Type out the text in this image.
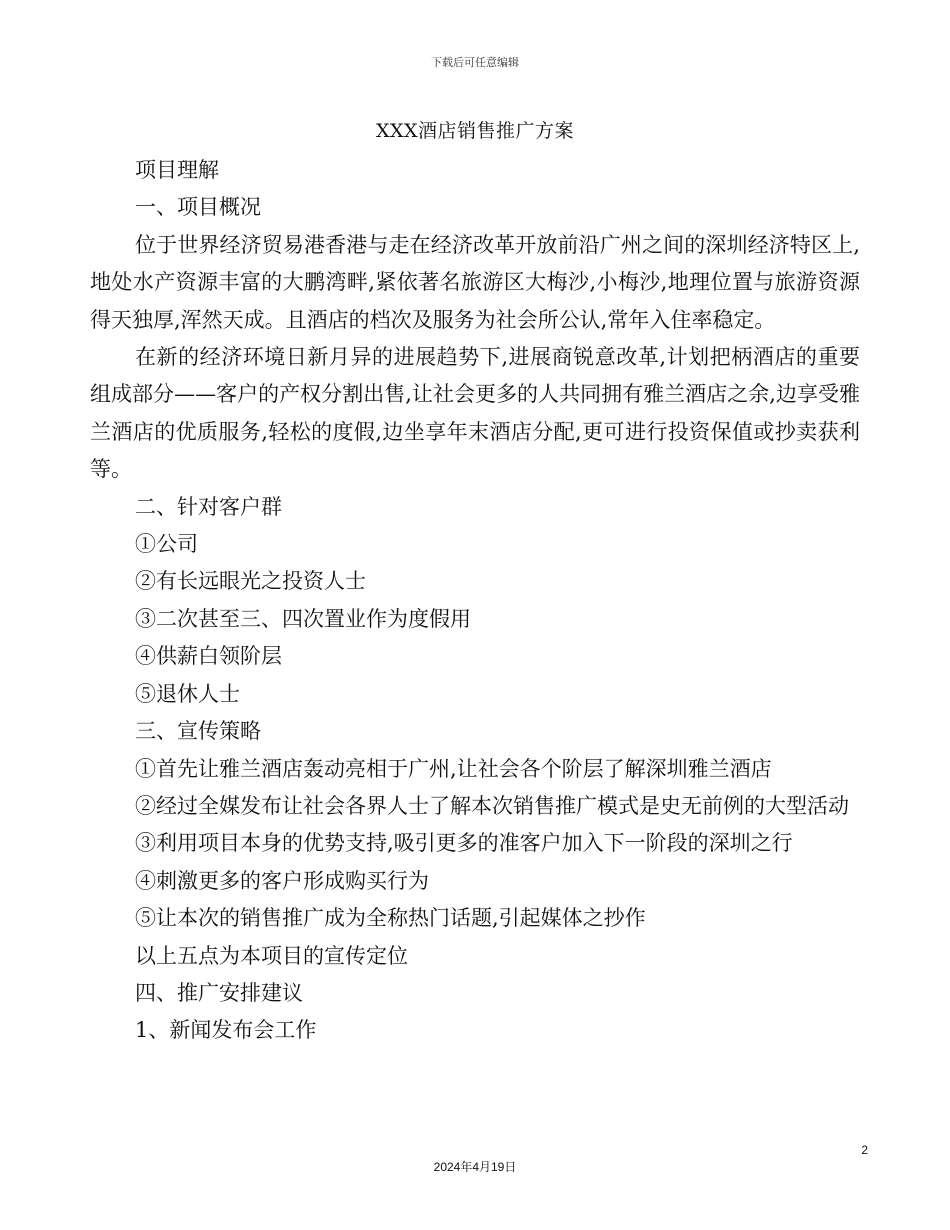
下载后可任意编辑
XXX酒店销售推广方案

项目理解

一、项目概况

位于世界经济贸易港香港与走在经济改革开放前沿广州之间的深圳经济特区上,地处水产资源丰富的大鹏湾畔,紧依著名旅游区大梅沙,小梅沙,地理位置与旅游资源得天独厚,浑然天成。且酒店的档次及服务为社会所公认,常年入住率稳定。

在新的经济环境日新月异的进展趋势下,进展商锐意改革,计划把柄酒店的重要组成部分——客户的产权分割出售,让社会更多的人共同拥有雅兰酒店之余,边享受雅兰酒店的优质服务,轻松的度假,边坐享年末酒店分配,更可进行投资保值或抄卖获利等。

二、针对客户群

①公司

②有长远眼光之投资人士

③二次甚至三、四次置业作为度假用

④供薪白领阶层

⑤退休人士

三、宣传策略

①首先让雅兰酒店轰动亮相于广州,让社会各个阶层了解深圳雅兰酒店

②经过全媒发布让社会各界人士了解本次销售推广模式是史无前例的大型活动

③利用项目本身的优势支持,吸引更多的准客户加入下一阶段的深圳之行

④刺激更多的客户形成购买行为

⑤让本次的销售推广成为全称热门话题,引起媒体之抄作

以上五点为本项目的宣传定位

四、推广安排建议

1、新闻发布会工作

2
2024年4月19日
